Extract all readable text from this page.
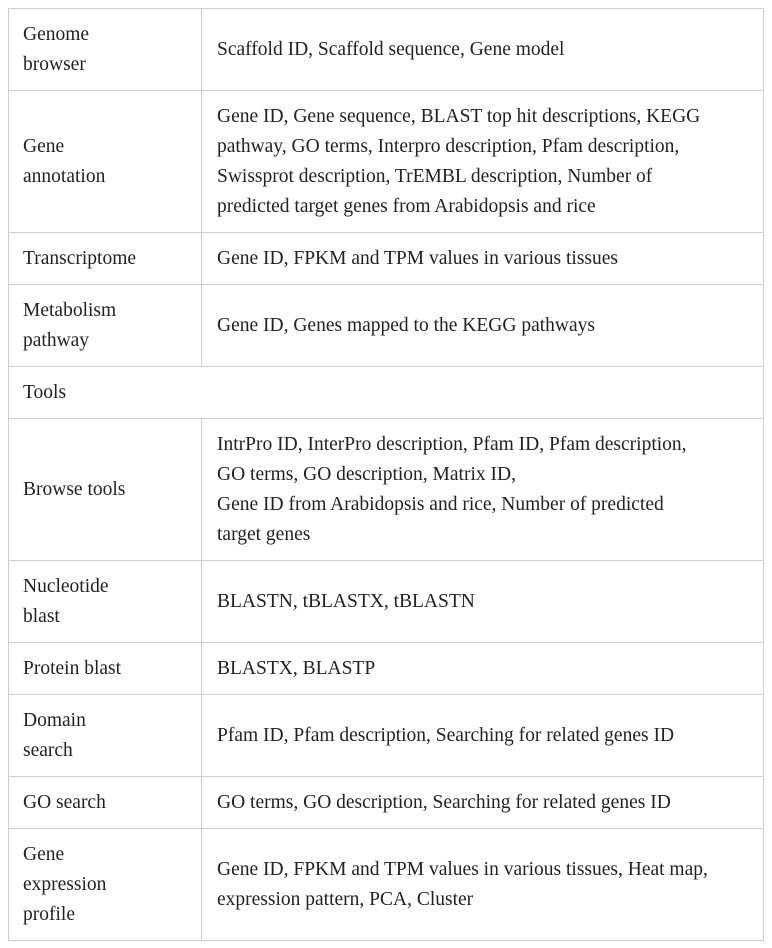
Genome
browser	Scaffold ID, Scaffold sequence, Gene model

Gene
annotation	Gene ID, Gene sequence, BLAST top hit descriptions, KEGG
pathway, GO terms, Interpro description, Pfam description,
Swissprot description, TrEMBL description, Number of
predicted target genes from Arabidopsis and rice

Transcriptome	Gene ID, FPKM and TPM values in various tissues

Metabolism
pathway	Gene ID, Genes mapped to the KEGG pathways

Tools	

Browse tools	IntrPro ID, InterPro description, Pfam ID, Pfam description,
GO terms, GO description, Matrix ID,
Gene ID from Arabidopsis and rice, Number of predicted
target genes

Nucleotide
blast	BLASTN, tBLASTX, tBLASTN

Protein blast	BLASTX, BLASTP

Domain
search	Pfam ID, Pfam description, Searching for related genes ID

GO search	GO terms, GO description, Searching for related genes ID

Gene
expression
profile	Gene ID, FPKM and TPM values in various tissues, Heat map,
expression pattern, PCA, Cluster
